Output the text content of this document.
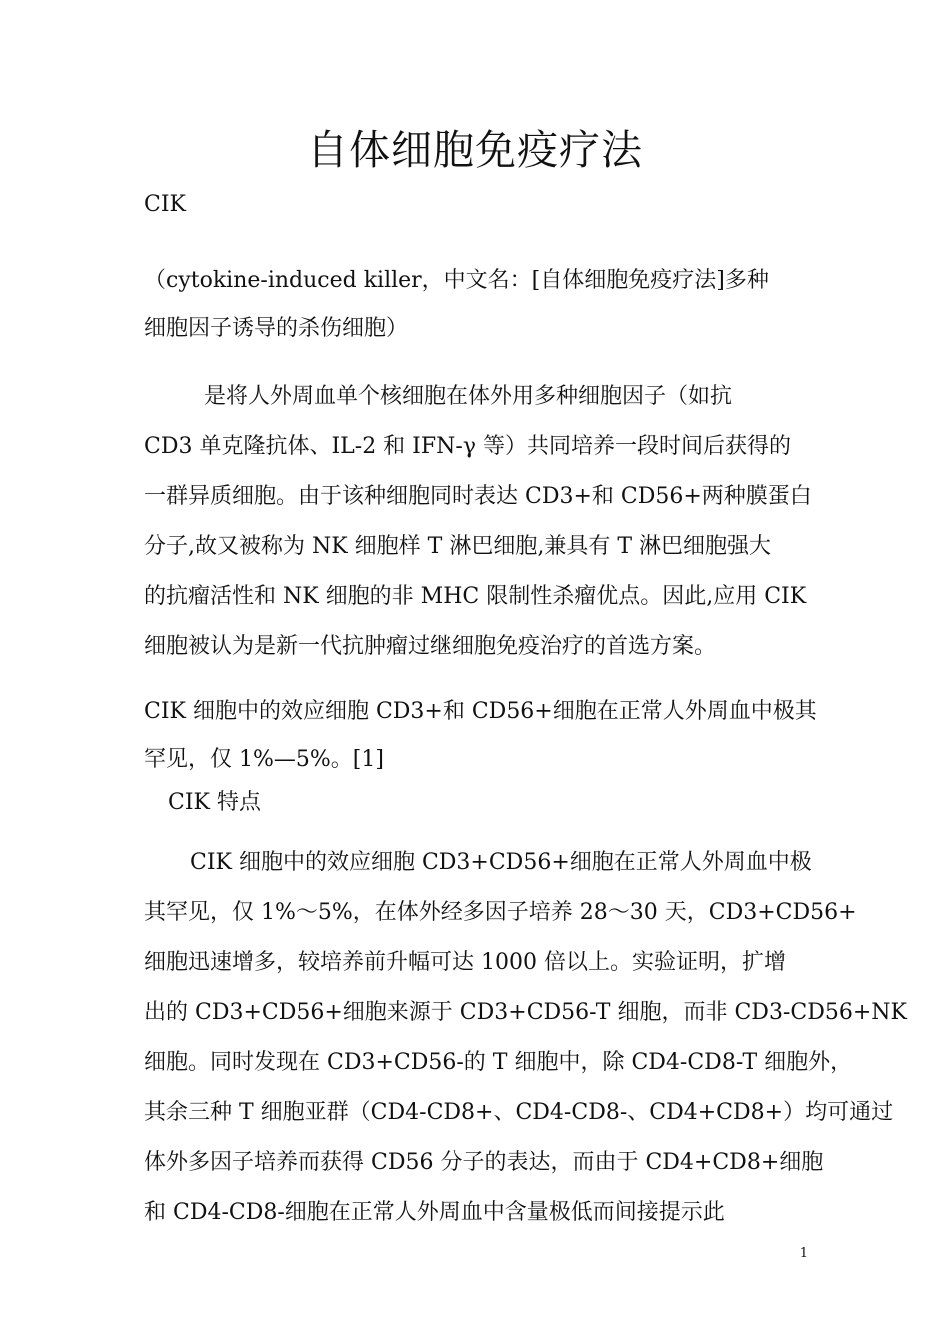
自体细胞免疫疗法
CIK
（cytokine-induced killer，中文名：[自体细胞免疫疗法]多种
细胞因子诱导的杀伤细胞）
是将人外周血单个核细胞在体外用多种细胞因子（如抗
CD3 单克隆抗体、IL-2 和 IFN-γ 等）共同培养一段时间后获得的
一群异质细胞。由于该种细胞同时表达 CD3+和 CD56+两种膜蛋白
分子,故又被称为 NK 细胞样 T 淋巴细胞,兼具有 T 淋巴细胞强大
的抗瘤活性和 NK 细胞的非 MHC 限制性杀瘤优点。因此,应用 CIK
细胞被认为是新一代抗肿瘤过继细胞免疫治疗的首选方案。
CIK 细胞中的效应细胞 CD3+和 CD56+细胞在正常人外周血中极其
罕见，仅 1%—5%。[1]
CIK 特点
CIK 细胞中的效应细胞 CD3+CD56+细胞在正常人外周血中极
其罕见，仅 1%～5%，在体外经多因子培养 28～30 天，CD3+CD56+
细胞迅速增多，较培养前升幅可达 1000 倍以上。实验证明，扩增
出的 CD3+CD56+细胞来源于 CD3+CD56-T 细胞，而非 CD3-CD56+NK
细胞。同时发现在 CD3+CD56-的 T 细胞中，除 CD4-CD8-T 细胞外，
其余三种 T 细胞亚群（CD4-CD8+、CD4-CD8-、CD4+CD8+）均可通过
体外多因子培养而获得 CD56 分子的表达，而由于 CD4+CD8+细胞
和 CD4-CD8-细胞在正常人外周血中含量极低而间接提示此
1
